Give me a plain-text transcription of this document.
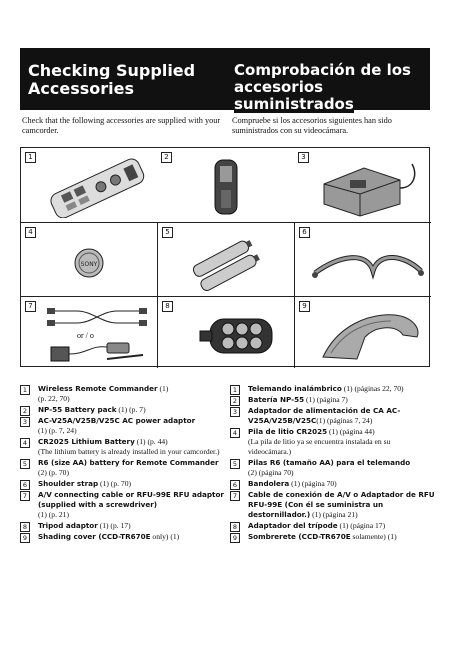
Checking Supplied Accessories
Comprobación de los accesorios suministrados
Check that the following accessories are supplied with your camcorder.
Compruebe si los accesorios siguientes han sido suministrados con su videocámara.
1	2	3
4
SONY
5	6
7
or / o
8	9
1	Wireless Remote Commander (1)
(p. 22, 70)
2	NP-55 Battery pack (1) (p. 7)
3	AC-V25A/V25B/V25C AC power adaptor
(1) (p. 7, 24)
4	CR2025 Lithium Battery (1) (p. 44)
(The lithium battery is already installed in your camcorder.)
5	R6 (size AA) battery for Remote Commander (2) (p. 70)
6	Shoulder strap (1) (p. 70)
7	A/V connecting cable or RFU-99E RFU adaptor (supplied with a screwdriver)
(1) (p. 21)
8	Tripod adaptor (1) (p. 17)
9	Shading cover (CCD-TR670E only) (1)
1	Telemando inalámbrico (1) (páginas 22, 70)
2	Batería NP-55 (1) (página 7)
3	Adaptador de alimentación de CA AC-V25A/V25B/V25C(1) (páginas 7, 24)
4	Pila de litio CR2025 (1) (página 44)
(La pila de litio ya se encuentra instalada en su videocámara.)
5	Pilas R6 (tamaño AA) para el telemando
(2) (página 70)
6	Bandolera (1) (página 70)
7	Cable de conexión de A/V o Adaptador de RFU RFU-99E (Con él se suministra un destornillador.) (1) (página 21)
8	Adaptador del trípode (1) (página 17)
9	Sombrerete (CCD-TR670E solamente) (1)
